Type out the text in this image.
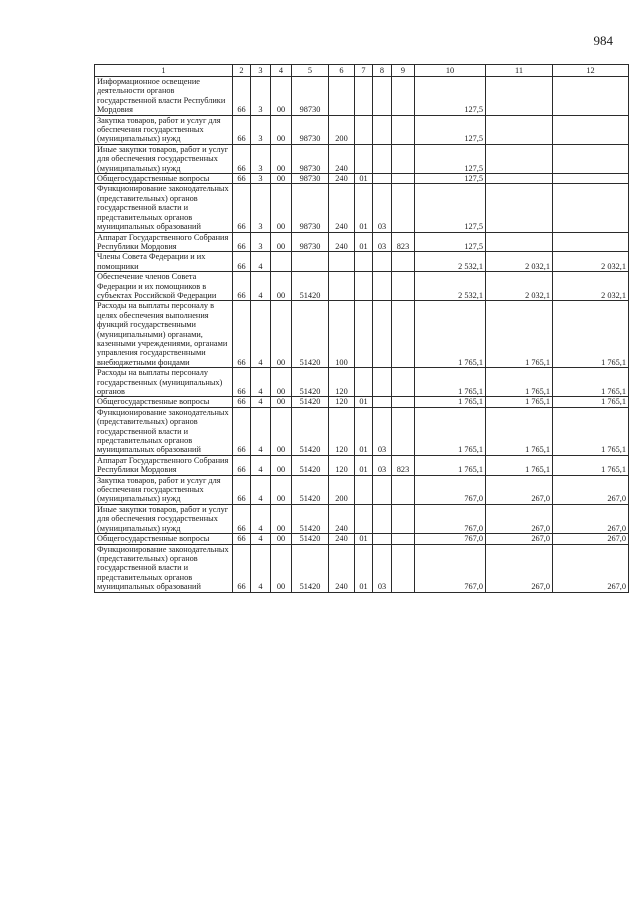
984
1	2	3	4	5	6	7	8	9	10	11	12
Информационное освещение деятельности органов государственной власти Республики Мордовия	66	3	00	98730					127,5		
Закупка товаров, работ и услуг для обеспечения государственных (муниципальных) нужд	66	3	00	98730	200				127,5		
Иные закупки товаров, работ и услуг для обеспечения государственных (муниципальных) нужд	66	3	00	98730	240				127,5		
Общегосударственные вопросы	66	3	00	98730	240	01			127,5		
Функционирование законодательных (представительных) органов государственной власти и представительных органов муниципальных образований	66	3	00	98730	240	01	03		127,5		
Аппарат Государственного Собрания Республики Мордовия	66	3	00	98730	240	01	03	823	127,5		
Члены Совета Федерации и их помощники	66	4							2 532,1	2 032,1	2 032,1
Обеспечение членов Совета Федерации и их помощников в субъектах Российской Федерации	66	4	00	51420					2 532,1	2 032,1	2 032,1
Расходы на выплаты персоналу в целях обеспечения выполнения функций государственными (муниципальными) органами, казенными учреждениями, органами управления государственными внебюджетными фондами	66	4	00	51420	100				1 765,1	1 765,1	1 765,1
Расходы на выплаты персоналу государственных (муниципальных) органов	66	4	00	51420	120				1 765,1	1 765,1	1 765,1
Общегосударственные вопросы	66	4	00	51420	120	01			1 765,1	1 765,1	1 765,1
Функционирование законодательных (представительных) органов государственной власти и представительных органов муниципальных образований	66	4	00	51420	120	01	03		1 765,1	1 765,1	1 765,1
Аппарат Государственного Собрания Республики Мордовия	66	4	00	51420	120	01	03	823	1 765,1	1 765,1	1 765,1
Закупка товаров, работ и услуг для обеспечения государственных (муниципальных) нужд	66	4	00	51420	200				767,0	267,0	267,0
Иные закупки товаров, работ и услуг для обеспечения государственных (муниципальных) нужд	66	4	00	51420	240				767,0	267,0	267,0
Общегосударственные вопросы	66	4	00	51420	240	01			767,0	267,0	267,0
Функционирование законодательных (представительных) органов государственной власти и представительных органов муниципальных образований	66	4	00	51420	240	01	03		767,0	267,0	267,0
